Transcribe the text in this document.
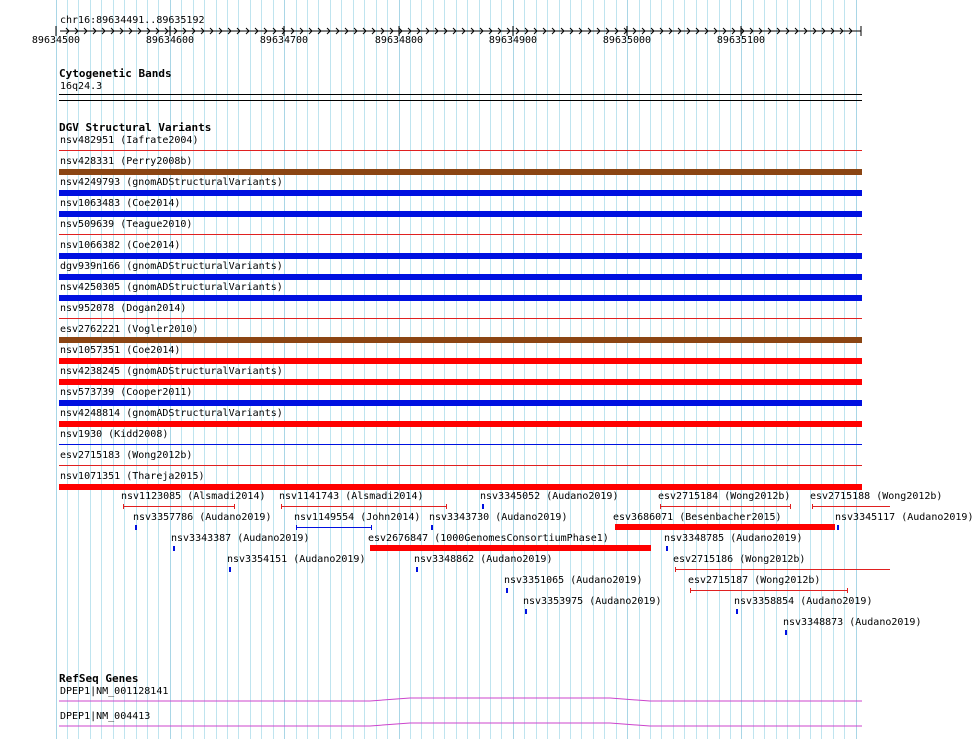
chr16:89634491..89635192
89634500	89634600	89634700	89634800	89634900	89635000	89635100
Cytogenetic Bands
16q24.3
DGV Structural Variants
nsv482951 (Iafrate2004)
nsv428331 (Perry2008b)
nsv4249793 (gnomADStructuralVariants)
nsv1063483 (Coe2014)
nsv509639 (Teague2010)
nsv1066382 (Coe2014)
dgv939n166 (gnomADStructuralVariants)
nsv4250305 (gnomADStructuralVariants)
nsv952078 (Dogan2014)
esv2762221 (Vogler2010)
nsv1057351 (Coe2014)
nsv4238245 (gnomADStructuralVariants)
nsv573739 (Cooper2011)
nsv4248814 (gnomADStructuralVariants)
nsv1930 (Kidd2008)
esv2715183 (Wong2012b)
nsv1071351 (Thareja2015)
nsv1123085 (Alsmadi2014) nsv1141743 (Alsmadi2014)	nsv3345052 (Audano2019)	esv2715184 (Wong2012b) esv2715188 (Wong2012b)
nsv3357786 (Audano2019) nsv1149554 (John2014) nsv3343730 (Audano2019)	esv3686071 (Besenbacher2015)	nsv3345117 (Audano2019)
nsv3343387 (Audano2019)	esv2676847 (1000GenomesConsortiumPhase1)	nsv3348785 (Audano2019)
nsv3354151 (Audano2019)	nsv3348862 (Audano2019)	esv2715186 (Wong2012b)
nsv3351065 (Audano2019)	esv2715187 (Wong2012b)
nsv3353975 (Audano2019)	nsv3358854 (Audano2019)
nsv3348873 (Audano2019)
RefSeq Genes
DPEP1|NM_001128141
DPEP1|NM_004413
